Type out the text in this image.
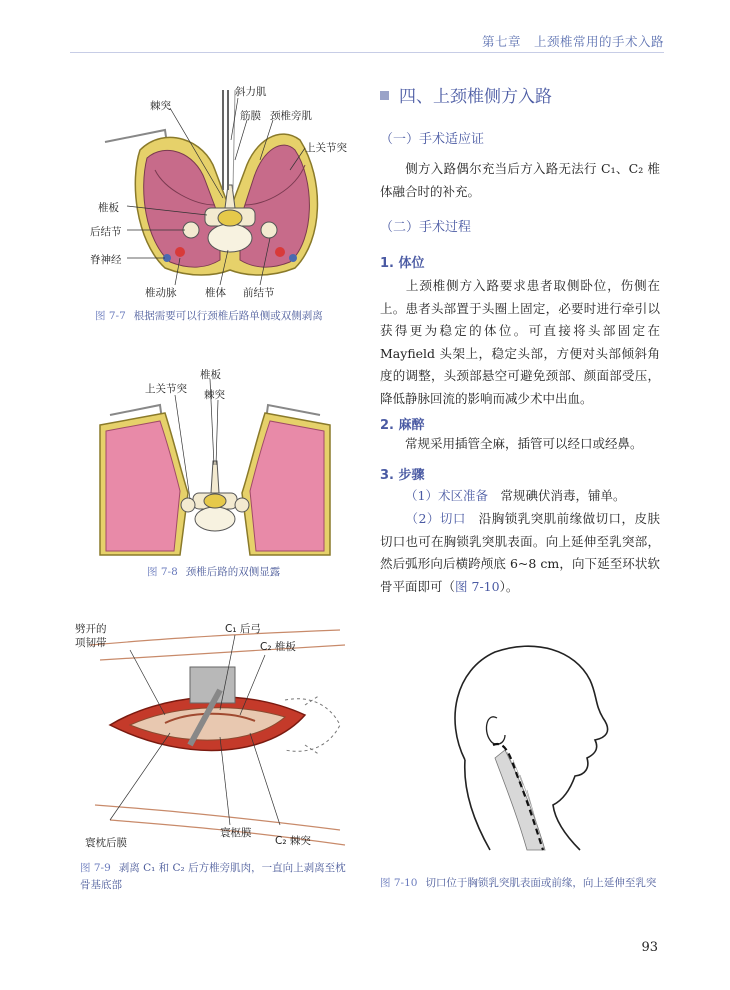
第七章　上颈椎常用的手术入路
棘突
斜力肌
筋膜 颈椎旁肌
上关节突
椎板
后结节
脊神经
椎动脉	椎体 前结节
图 7-7 根据需要可以行颈椎后路单侧或双侧剥离
椎板
上关节突 棘突
图 7-8 颈椎后路的双侧显露
劈开的
项韧带
C₁ 后弓
C₂ 椎板
寰枕后膜
寰枢膜
C₂ 棘突
图 7-9 剥离 C₁ 和 C₂ 后方椎旁肌肉，一直向上剥离至枕骨基底部
四、上颈椎侧方入路
（一）手术适应证
侧方入路偶尔充当后方入路无法行 C₁、C₂ 椎体融合时的补充。
（二）手术过程
1. 体位
上颈椎侧方入路要求患者取侧卧位，伤侧在上。患者头部置于头圈上固定，必要时进行牵引以获得更为稳定的体位。可直接将头部固定在 Mayfield 头架上，稳定头部，方便对头部倾斜角度的调整，头颈部悬空可避免颈部、颜面部受压，降低静脉回流的影响而减少术中出血。
2. 麻醉
常规采用插管全麻，插管可以经口或经鼻。
3. 步骤
（1）术区准备　 常规碘伏消毒，铺单。
（2）切口　 沿胸锁乳突肌前缘做切口，皮肤切口也可在胸锁乳突肌表面。向上延伸至乳突部，然后弧形向后横跨颅底 6~8 cm，向下延至环状软骨平面即可（图 7-10）。
图 7-10 切口位于胸锁乳突肌表面或前缘，向上延伸至乳突
93
